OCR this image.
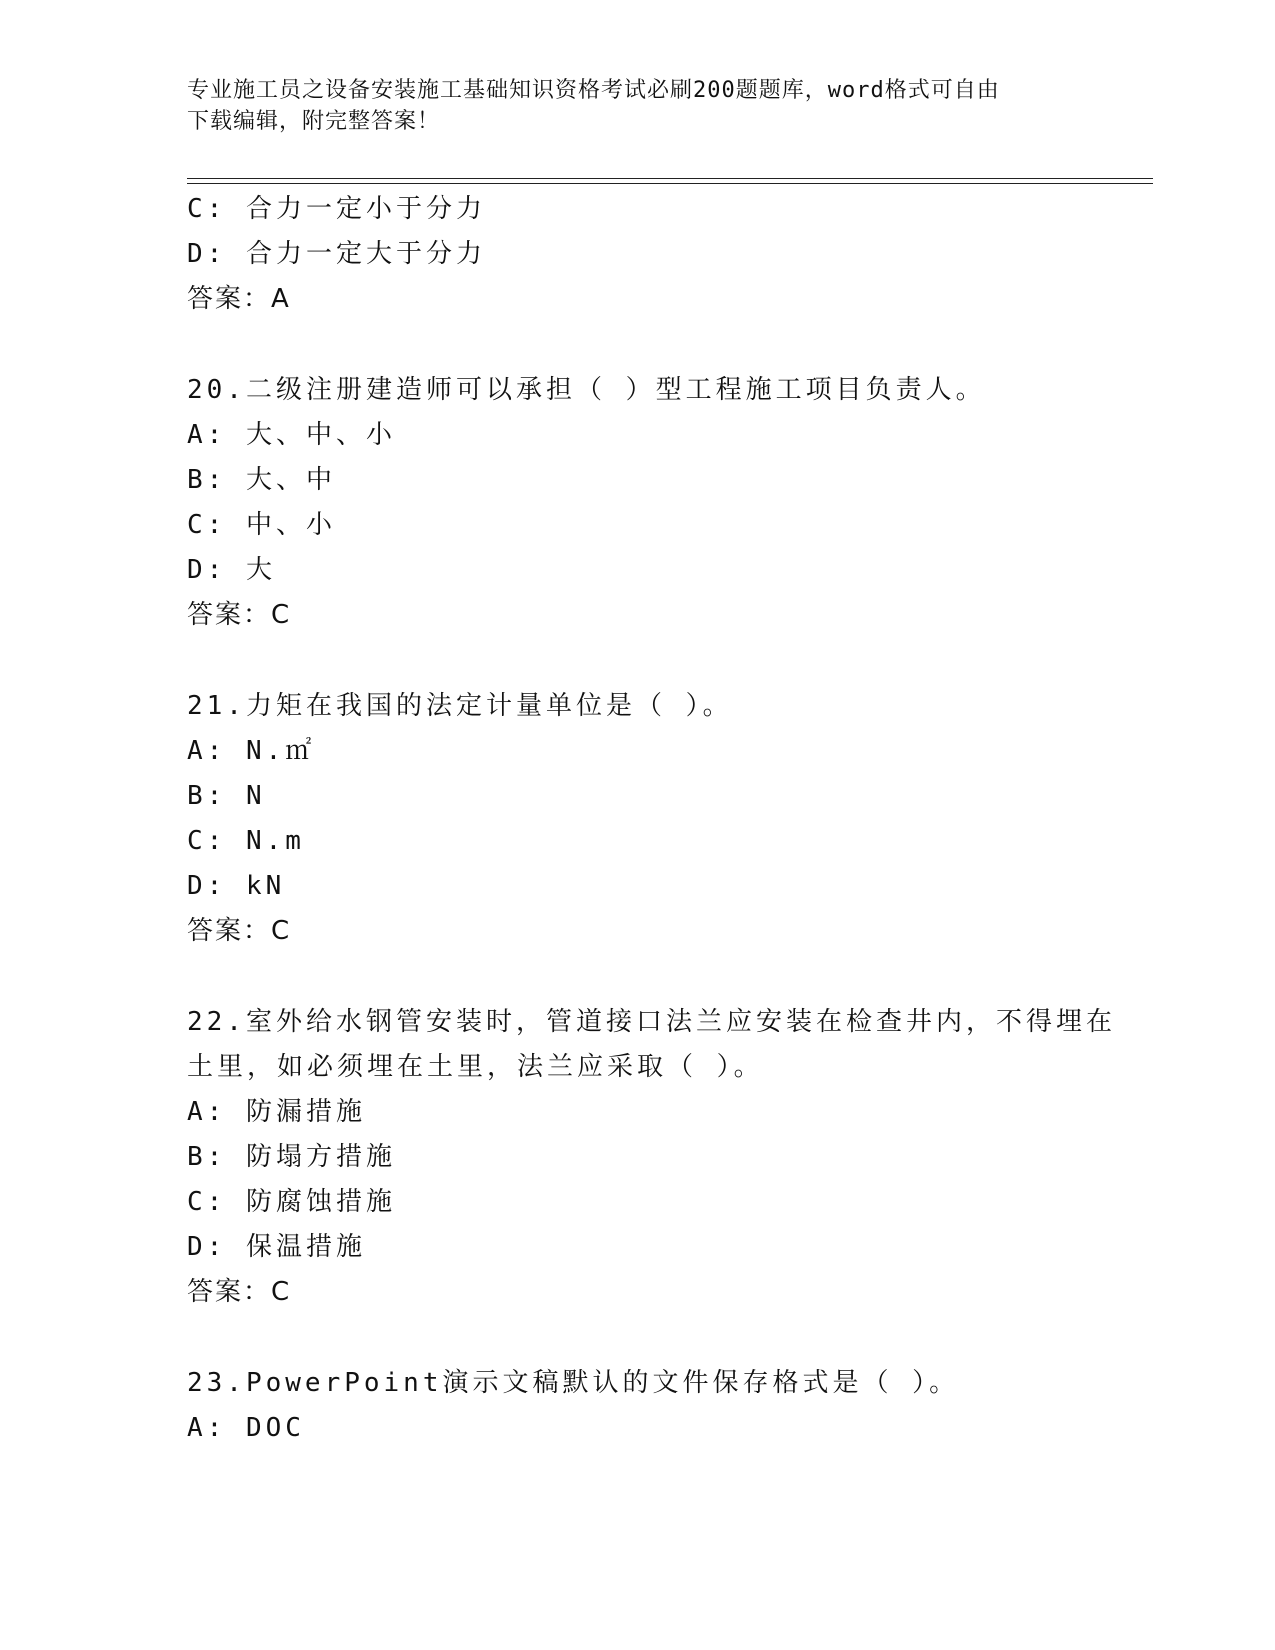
专业施工员之设备安装施工基础知识资格考试必刷200题题库，word格式可自由
下载编辑，附完整答案！
C: 合力一定小于分力
D: 合力一定大于分力
答案：A
20.二级注册建造师可以承担（ ）型工程施工项目负责人。
A: 大、中、小
B: 大、中
C: 中、小
D: 大
答案：C
21.力矩在我国的法定计量单位是（ ）。
A: N.㎡
B: N
C: N.m
D: kN
答案：C
22.室外给水钢管安装时，管道接口法兰应安装在检查井内，不得埋在
土里，如必须埋在土里，法兰应采取（ ）。
A: 防漏措施
B: 防塌方措施
C: 防腐蚀措施
D: 保温措施
答案：C
23.PowerPoint演示文稿默认的文件保存格式是（ ）。
A: DOC
